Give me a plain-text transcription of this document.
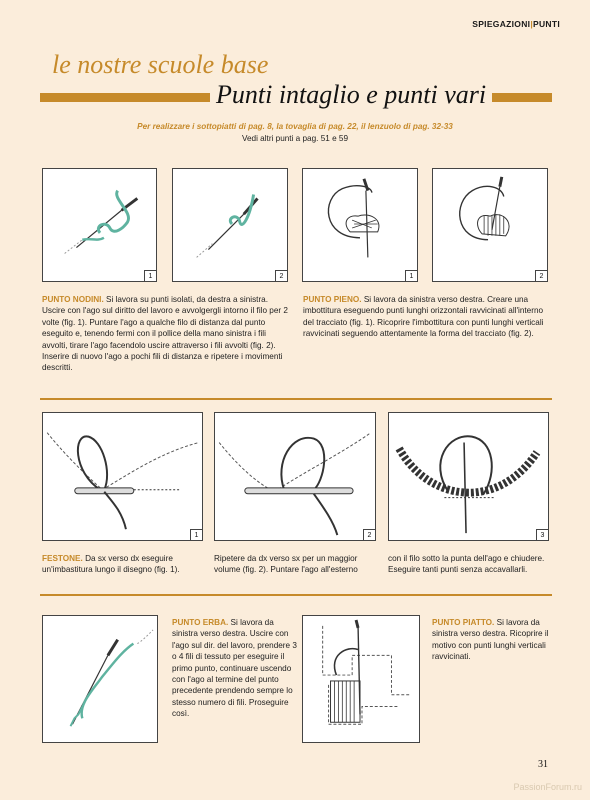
SPIEGAZIONI|PUNTI
le nostre scuole base
Punti intaglio e punti vari
Per realizzare i sottopiatti di pag. 8, la tovaglia di pag. 22, il lenzuolo di pag. 32-33
Vedi altri punti a pag. 51 e 59
1	2	1	2
PUNTO NODINI. Si lavora su punti isolati, da destra a sinistra. Uscire con l'ago sul diritto del lavoro e avvolgergli intorno il filo per 2 volte (fig. 1). Puntare l'ago a qualche filo di distanza dal punto eseguito e, tenendo fermi con il pollice della mano sinistra i fili avvolti, tirare l'ago facendolo uscire attraverso i fili avvolti (fig. 2). Inserire di nuovo l'ago a pochi fili di distanza e ripetere i movimenti descritti.
PUNTO PIENO. Si lavora da sinistra verso destra. Creare una imbottitura eseguendo punti lunghi orizzontali ravvicinati all'interno del tracciato (fig. 1). Ricoprire l'imbottitura con punti lunghi verticali ravvicinati seguendo attentamente la forma del tracciato (fig. 2).
1	2	3
FESTONE. Da sx verso dx eseguire un'imbastitura lungo il disegno (fig. 1).
Ripetere da dx verso sx per un maggior volume (fig. 2). Puntare l'ago all'esterno
con il filo sotto la punta dell'ago e chiudere. Eseguire tanti punti senza accavallarli.
PUNTO ERBA. Si lavora da sinistra verso destra. Uscire con l'ago sul dir. del lavoro, prendere 3 o 4 fili di tessuto per eseguire il primo punto, continuare uscendo con l'ago al termine del punto precedente prendendo sempre lo stesso numero di fili. Proseguire così.
PUNTO PIATTO. Si lavora da sinistra verso destra. Ricoprire il motivo con punti lunghi verticali ravvicinati.
31
PassionForum.ru
